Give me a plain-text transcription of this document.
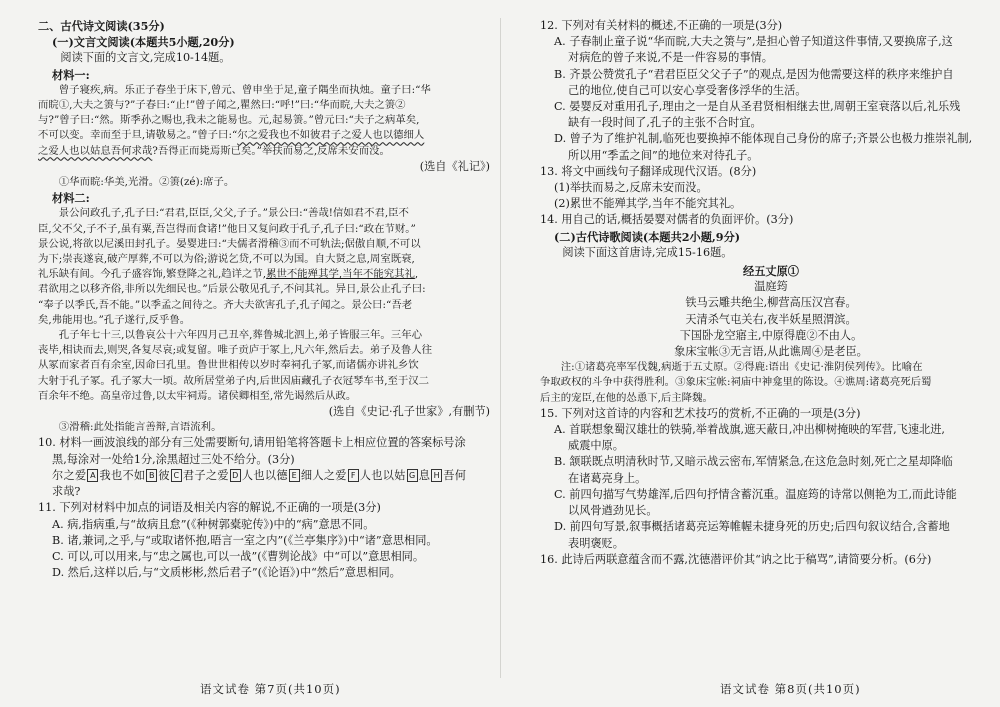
二、古代诗文阅读(35分)

(一)文言文阅读(本题共5小题,20分)

阅读下面的文言文,完成10-14题。

材料一:

曾子寝疾,病。乐正子春坐于床下,曾元、曾申坐于足,童子隅坐而执烛。童子曰:“华

而睆①,大夫之箦与?”子春曰:“止!”曾子闻之,瞿然曰:“呼!”曰:“华而睆,大夫之箦②

与?”曾子曰:“然。斯季孙之赐也,我未之能易也。元,起易箦。”曾元曰:“夫子之病革矣,

不可以变。幸而至于旦,请敬易之。”曾子曰:“尔之爱我也不如彼君子之爱人也以德细人

之爱人也以姑息吾何求哉?吾得正而毙焉斯已矣。”举扶而易之,反席未安而没。

(选自《礼记》)

①华而睆:华美,光滑。②箦(zé):席子。

材料二:

景公问政孔子,孔子曰:“君君,臣臣,父父,子子。”景公曰:“善哉!信如君不君,臣不

臣,父不父,子不子,虽有粟,吾岂得而食诸!”他日又复问政于孔子,孔子曰:“政在节财。”

景公说,将欲以尼溪田封孔子。晏婴进曰:“夫儒者滑稽③而不可轨法;倨傲自顺,不可以

为下;崇丧遂哀,破产厚葬,不可以为俗;游说乞贷,不可以为国。自大贤之息,周室既衰,

礼乐缺有间。今孔子盛容饰,繁登降之礼,趋详之节,累世不能殚其学,当年不能究其礼,

君欲用之以移齐俗,非所以先细民也。”后景公敬见孔子,不问其礼。异日,景公止孔子曰:

“奉子以季氏,吾不能。”以季孟之间待之。齐大夫欲害孔子,孔子闻之。景公曰:“吾老

矣,弗能用也。”孔子遂行,反乎鲁。

孔子年七十三,以鲁哀公十六年四月己丑卒,葬鲁城北泗上,弟子皆服三年。三年心

丧毕,相诀而去,则哭,各复尽哀;或复留。唯子贡庐于冢上,凡六年,然后去。弟子及鲁人往

从冢而家者百有余室,因命曰孔里。鲁世世相传以岁时奉祠孔子冢,而诸儒亦讲礼乡饮

大射于孔子冢。孔子冢大一顷。故所居堂弟子内,后世因庙藏孔子衣冠琴车书,至于汉二

百余年不绝。高皇帝过鲁,以太牢祠焉。诸侯卿相至,常先谒然后从政。

(选自《史记·孔子世家》,有删节)

③滑稽:此处指能言善辩,言语流利。

10. 材料一画波浪线的部分有三处需要断句,请用铅笔将答题卡上相应位置的答案标号涂

黑,每涂对一处给1分,涂黑超过三处不给分。(3分)

尔之爱 A 我也不如 B 彼 C 君子之爱 D 人也以德 E 细人之爱 F 人也以姑 G 息 H 吾何

求哉?

11. 下列对材料中加点的词语及相关内容的解说,不正确的一项是(3分)

A. 病,指病重,与“故病且怠”(《种树郭橐驼传》)中的“病”意思不同。

B. 诸,兼词,之乎,与“或取诸怀抱,晤言一室之内”(《兰亭集序》)中“诸”意思相同。

C. 可以,可以用来,与“忠之属也,可以一战”(《曹刿论战》中“可以”意思相同。

D. 然后,这样以后,与“文质彬彬,然后君子”(《论语》)中“然后”意思相同。

语文试卷 第7页(共10页)

12. 下列对有关材料的概述,不正确的一项是(3分)

A. 子春制止童子说“华而睆,大夫之箦与”,是担心曾子知道这件事情,又要换席子,这

对病危的曾子来说,不是一件容易的事情。

B. 齐景公赞赏孔子“君君臣臣父父子子”的观点,是因为他需要这样的秩序来维护自

己的地位,使自己可以安心享受奢侈浮华的生活。

C. 晏婴反对重用孔子,理由之一是自从圣君贤相相继去世,周朝王室衰落以后,礼乐残

缺有一段时间了,孔子的主张不合时宜。

D. 曾子为了维护礼制,临死也要换掉不能体现自己身份的席子;齐景公也极力推崇礼制,

所以用“季孟之间”的地位来对待孔子。

13. 将文中画线句子翻译成现代汉语。(8分)

(1)举扶而易之,反席未安而没。

(2)累世不能殚其学,当年不能究其礼。

14. 用自己的话,概括晏婴对儒者的负面评价。(3分)

(二)古代诗歌阅读(本题共2小题,9分)

阅读下面这首唐诗,完成15-16题。

经五丈原①

温庭筠

铁马云雕共绝尘,柳营高压汉宫春。

天清杀气屯关右,夜半妖星照渭滨。

下国卧龙空寤主,中原得鹿②不由人。

象床宝帐③无言语,从此谯周④是老臣。

注:①诸葛亮率军伐魏,病逝于五丈原。②得鹿:语出《史记·淮阴侯列传》。比喻在

争取政权的斗争中获得胜利。③象床宝帐:祠庙中神龛里的陈设。④谯周:诸葛亮死后蜀

后主的宠臣,在他的怂恿下,后主降魏。

15. 下列对这首诗的内容和艺术技巧的赏析,不正确的一项是(3分)

A. 首联想象蜀汉雄壮的铁骑,举着战旗,遮天蔽日,冲出柳树掩映的军营,飞速北进,

威震中原。

B. 颔联既点明清秋时节,又暗示战云密布,军情紧急,在这危急时刻,死亡之星却降临

在诸葛亮身上。

C. 前四句描写气势雄浑,后四句抒情含蓄沉重。温庭筠的诗常以侧艳为工,而此诗能

以风骨遒劲见长。

D. 前四句写景,叙事概括诸葛亮运筹帷幄未捷身死的历史;后四句叙议结合,含蓄地

表明褒贬。

16. 此诗后两联意蕴含而不露,沈德潜评价其“讷之比于稿骂”,请简要分析。(6分)

语文试卷 第8页(共10页)
